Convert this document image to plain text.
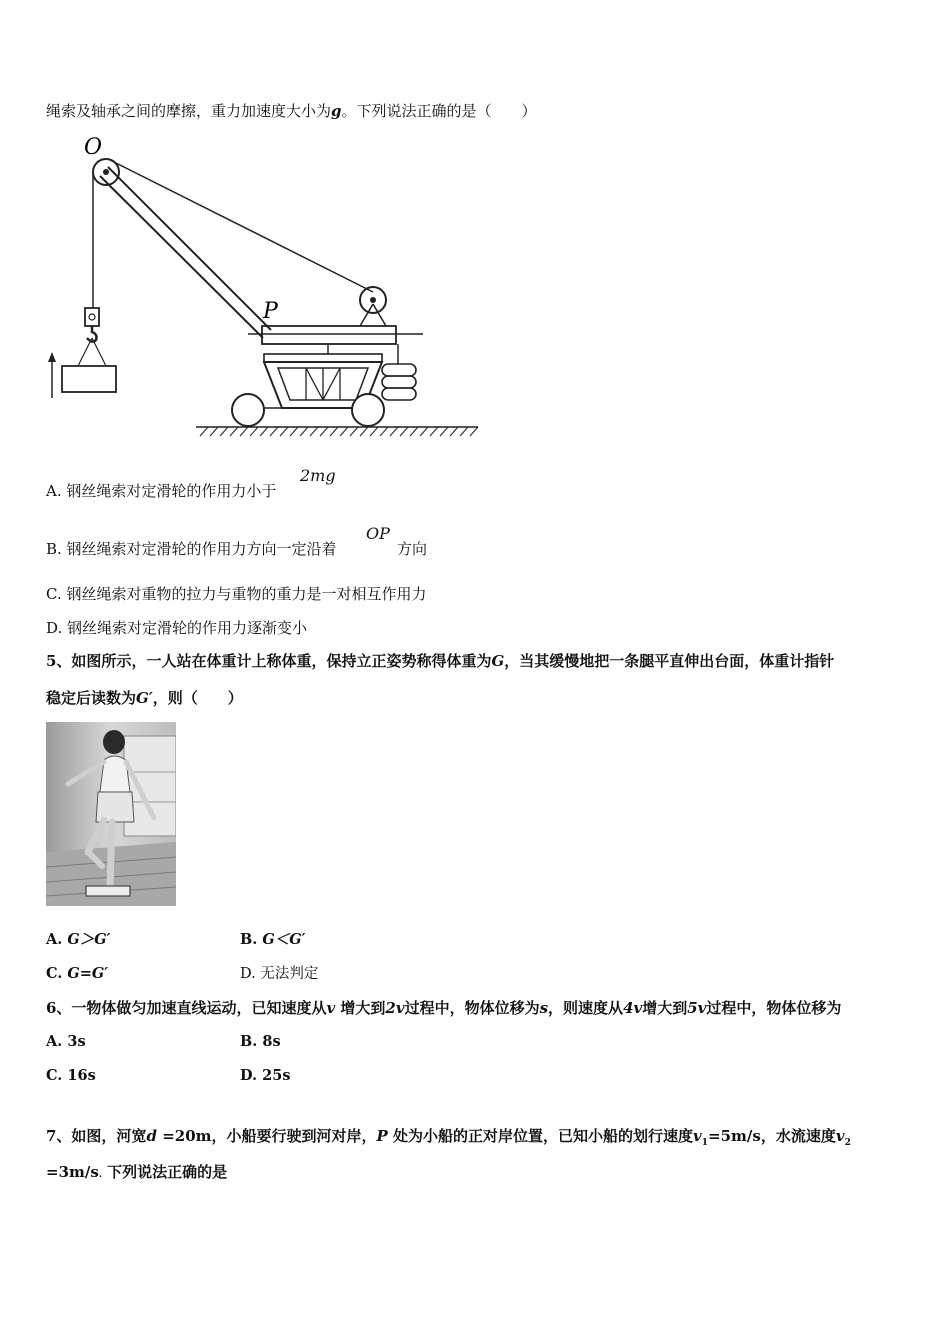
绳索及轴承之间的摩擦，重力加速度大小为g。下列说法正确的是（　　）
O
P
A. 钢丝绳索对定滑轮的作用力小于
2mg
B. 钢丝绳索对定滑轮的作用力方向一定沿着
OP
方向
C. 钢丝绳索对重物的拉力与重物的重力是一对相互作用力
D. 钢丝绳索对定滑轮的作用力逐渐变小
5、如图所示，一人站在体重计上称体重，保持立正姿势称得体重为G，当其缓慢地把一条腿平直伸出台面，体重计指针
稳定后读数为G′，则（　　）
A. G＞G′	B. G＜G′
C. G=G′	D. 无法判定
6、一物体做匀加速直线运动，已知速度从v 增大到2v过程中，物体位移为s，则速度从4v增大到5v过程中，物体位移为
A. 3s	B. 8s
C. 16s	D. 25s
7、如图，河宽d =20m，小船要行驶到河对岸，P 处为小船的正对岸位置，已知小船的划行速度$v_1=5m/s$，水流速度$v_2$
=3m/s. 下列说法正确的是
